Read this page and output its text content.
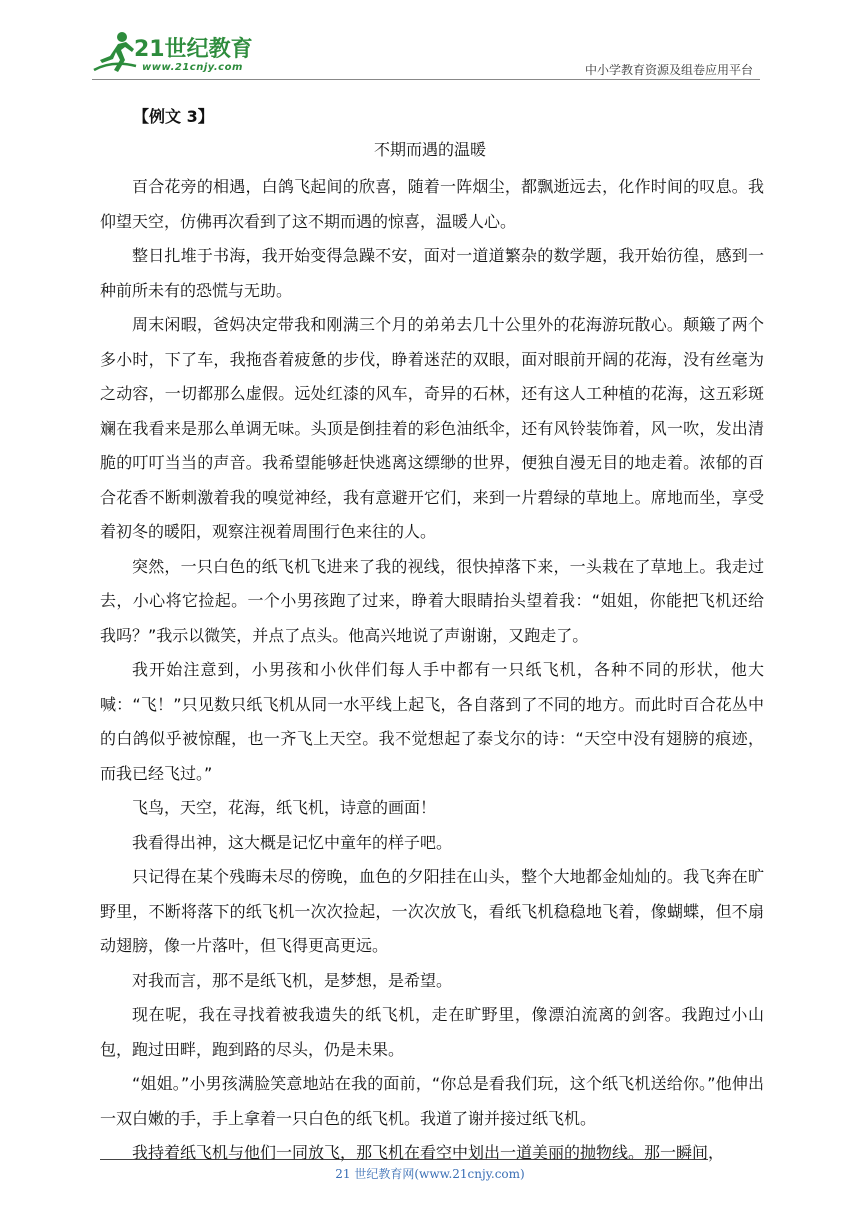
21世纪教育
www.21cnjy.com	中小学教育资源及组卷应用平台
【例文 3】
不期而遇的温暖

百合花旁的相遇，白鸽飞起间的欣喜，随着一阵烟尘，都飘逝远去，化作时间的叹息。我仰望天空，仿佛再次看到了这不期而遇的惊喜，温暖人心。

整日扎堆于书海，我开始变得急躁不安，面对一道道繁杂的数学题，我开始彷徨，感到一种前所未有的恐慌与无助。

周末闲暇，爸妈决定带我和刚满三个月的弟弟去几十公里外的花海游玩散心。颠簸了两个多小时，下了车，我拖沓着疲惫的步伐，睁着迷茫的双眼，面对眼前开阔的花海，没有丝毫为之动容，一切都那么虚假。远处红漆的风车，奇异的石林，还有这人工种植的花海，这五彩斑斓在我看来是那么单调无味。头顶是倒挂着的彩色油纸伞，还有风铃装饰着，风一吹，发出清脆的叮叮当当的声音。我希望能够赶快逃离这缥缈的世界，便独自漫无目的地走着。浓郁的百合花香不断刺激着我的嗅觉神经，我有意避开它们，来到一片碧绿的草地上。席地而坐，享受着初冬的暖阳，观察注视着周围行色来往的人。

突然，一只白色的纸飞机飞进来了我的视线，很快掉落下来，一头栽在了草地上。我走过去，小心将它捡起。一个小男孩跑了过来，睁着大眼睛抬头望着我：“姐姐，你能把飞机还给我吗？”我示以微笑，并点了点头。他高兴地说了声谢谢，又跑走了。

我开始注意到，小男孩和小伙伴们每人手中都有一只纸飞机，各种不同的形状，他大喊：“飞！”只见数只纸飞机从同一水平线上起飞，各自落到了不同的地方。而此时百合花丛中的白鸽似乎被惊醒，也一齐飞上天空。我不觉想起了泰戈尔的诗：“天空中没有翅膀的痕迹，而我已经飞过。”

飞鸟，天空，花海，纸飞机，诗意的画面！

我看得出神，这大概是记忆中童年的样子吧。

只记得在某个残晦未尽的傍晚，血色的夕阳挂在山头，整个大地都金灿灿的。我飞奔在旷野里，不断将落下的纸飞机一次次捡起，一次次放飞，看纸飞机稳稳地飞着，像蝴蝶，但不扇动翅膀，像一片落叶，但飞得更高更远。

对我而言，那不是纸飞机，是梦想，是希望。

现在呢，我在寻找着被我遗失的纸飞机，走在旷野里，像漂泊流离的剑客。我跑过小山包，跑过田畔，跑到路的尽头，仍是未果。

“姐姐。”小男孩满脸笑意地站在我的面前，“你总是看我们玩，这个纸飞机送给你。”他伸出一双白嫩的手，手上拿着一只白色的纸飞机。我道了谢并接过纸飞机。

我持着纸飞机与他们一同放飞，那飞机在看空中划出一道美丽的抛物线。那一瞬间，

21 世纪教育网(www.21cnjy.com)
